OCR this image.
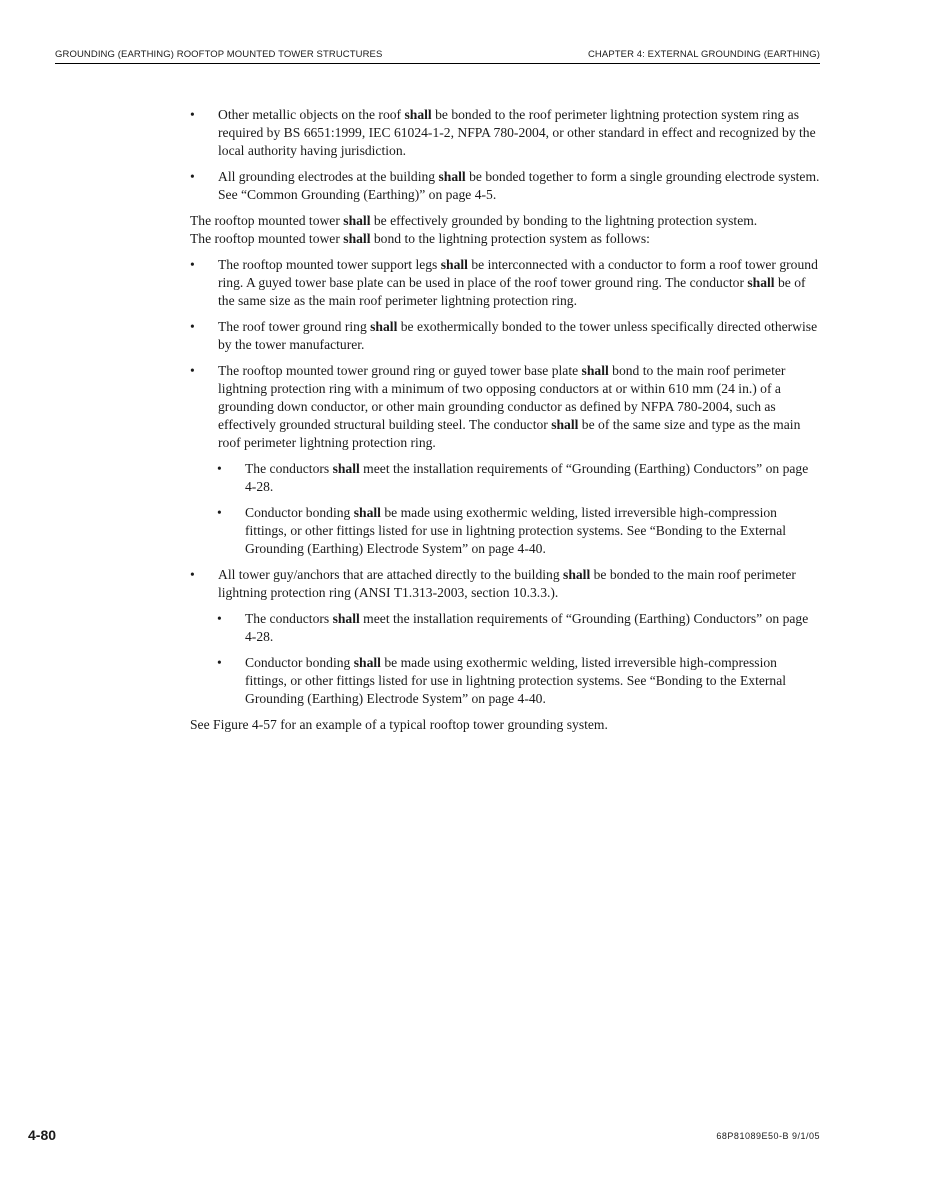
GROUNDING (EARTHING) ROOFTOP MOUNTED TOWER STRUCTURES	CHAPTER 4: EXTERNAL GROUNDING (EARTHING)
• Other metallic objects on the roof shall be bonded to the roof perimeter lightning protection system ring as required by BS 6651:1999, IEC 61024-1-2, NFPA 780-2004, or other standard in effect and recognized by the local authority having jurisdiction.
• All grounding electrodes at the building shall be bonded together to form a single grounding electrode system. See “Common Grounding (Earthing)” on page 4-5.
The rooftop mounted tower shall be effectively grounded by bonding to the lightning protection system.
The rooftop mounted tower shall bond to the lightning protection system as follows:
• The rooftop mounted tower support legs shall be interconnected with a conductor to form a roof tower ground ring. A guyed tower base plate can be used in place of the roof tower ground ring. The conductor shall be of the same size as the main roof perimeter lightning protection ring.
• The roof tower ground ring shall be exothermically bonded to the tower unless specifically directed otherwise by the tower manufacturer.
• The rooftop mounted tower ground ring or guyed tower base plate shall bond to the main roof perimeter lightning protection ring with a minimum of two opposing conductors at or within 610 mm (24 in.) of a grounding down conductor, or other main grounding conductor as defined by NFPA 780-2004, such as effectively grounded structural building steel. The conductor shall be of the same size and type as the main roof perimeter lightning protection ring.
• The conductors shall meet the installation requirements of “Grounding (Earthing) Conductors” on page 4-28.
• Conductor bonding shall be made using exothermic welding, listed irreversible high-compression fittings, or other fittings listed for use in lightning protection systems. See “Bonding to the External Grounding (Earthing) Electrode System” on page 4-40.
• All tower guy/anchors that are attached directly to the building shall be bonded to the main roof perimeter lightning protection ring (ANSI T1.313-2003, section 10.3.3.).
• The conductors shall meet the installation requirements of “Grounding (Earthing) Conductors” on page 4-28.
• Conductor bonding shall be made using exothermic welding, listed irreversible high-compression fittings, or other fittings listed for use in lightning protection systems. See “Bonding to the External Grounding (Earthing) Electrode System” on page 4-40.
See Figure 4-57 for an example of a typical rooftop tower grounding system.
4-80	68P81089E50-B 9/1/05
